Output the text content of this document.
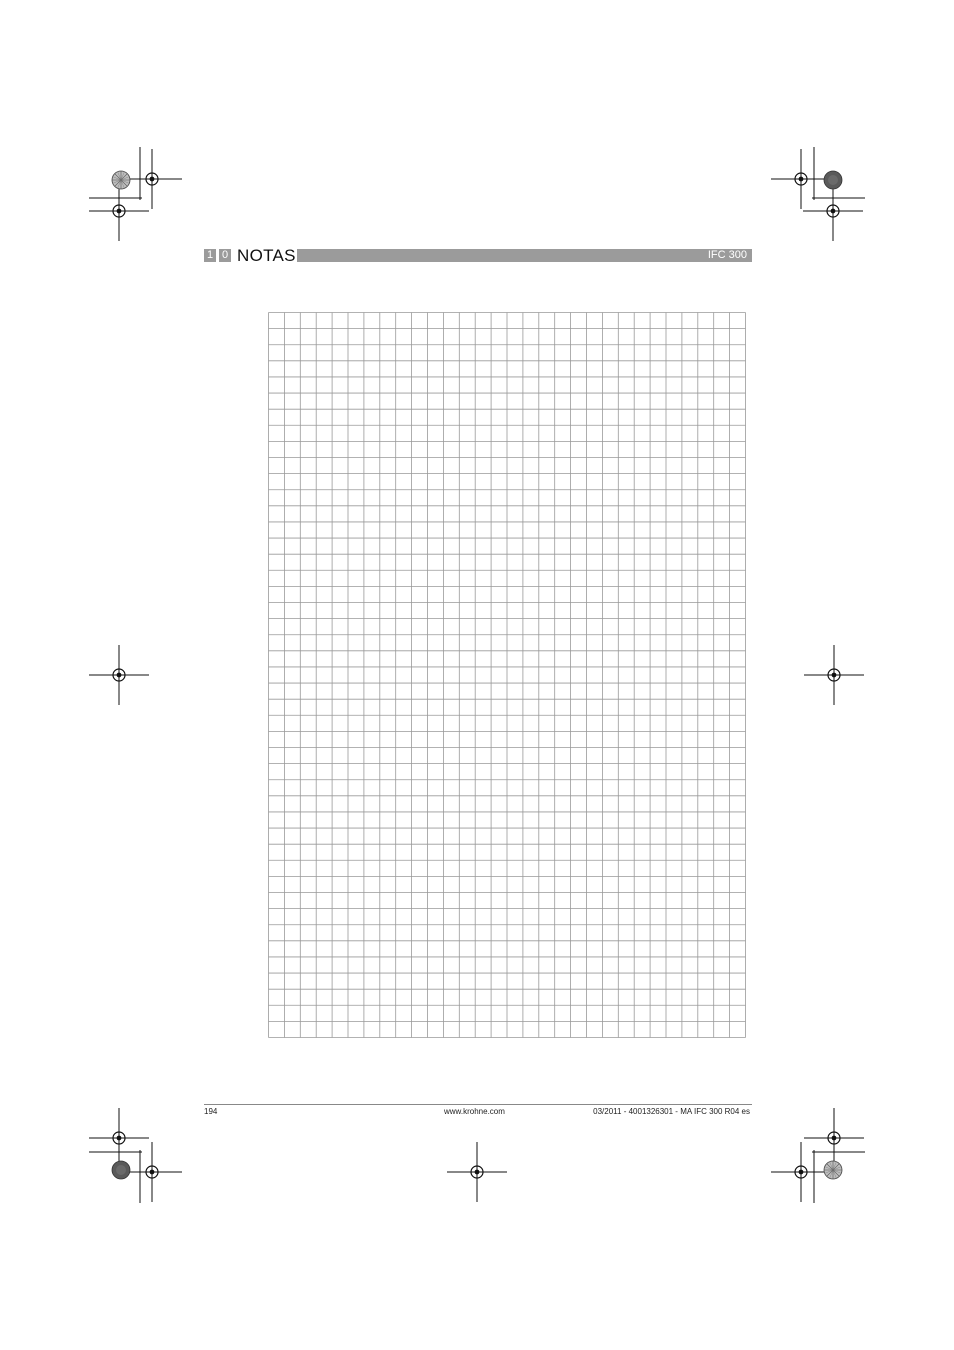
1 0 NOTAS	IFC 300
194	www.krohne.com	03/2011 - 4001326301 - MA IFC 300 R04 es
